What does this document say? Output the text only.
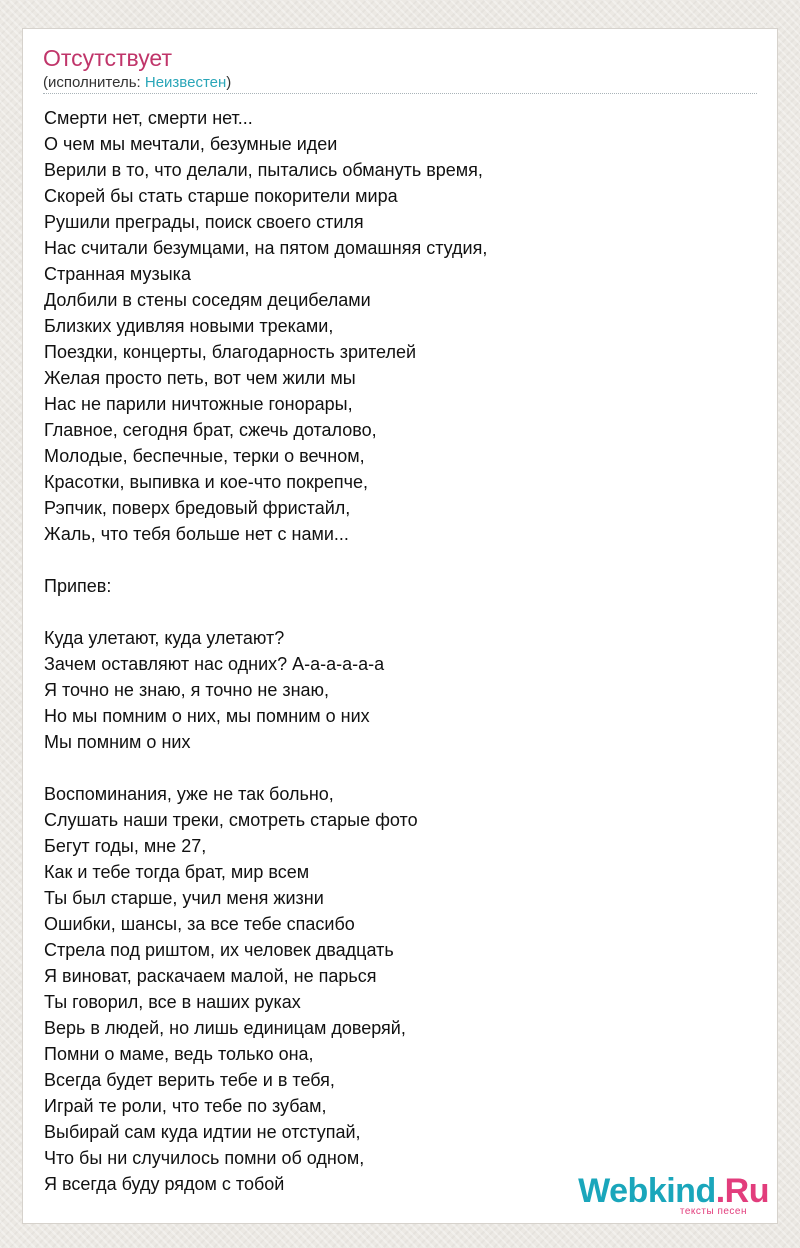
Отсутствует
(исполнитель: Неизвестен)
Смерти нет, смерти нет...
О чем мы мечтали, безумные идеи
Верили в то, что делали, пытались обмануть время,
Скорей бы стать старше покорители мира
Рушили преграды, поиск своего стиля
Нас считали безумцами, на пятом домашняя студия,
Странная музыка
Долбили в стены соседям децибелами
Близких удивляя новыми треками,
Поездки, концерты, благодарность зрителей
Желая просто петь, вот чем жили мы
Нас не парили ничтожные гонорары,
Главное, сегодня брат, сжечь доталово,
Молодые, беспечные, терки о вечном,
Красотки, выпивка и кое-что покрепче,
Рэпчик, поверх бредовый фристайл,
Жаль, что тебя больше нет с нами...
Припев:
Куда улетают, куда улетают?
Зачем оставляют нас одних? А-а-а-а-а-а
Я точно не знаю, я точно не знаю,
Но мы помним о них, мы помним о них
Мы помним о них
Воспоминания, уже не так больно,
Слушать наши треки, смотреть старые фото
Бегут годы, мне 27,
Как и тебе тогда брат, мир всем
Ты был старше, учил меня жизни
Ошибки, шансы, за все тебе спасибо
Стрела под риштом, их человек двадцать
Я виноват, раскачаем малой, не парься
Ты говорил, все в наших руках
Верь в людей, но лишь единицам доверяй,
Помни о маме, ведь только она,
Всегда будет верить тебе и в тебя,
Играй те роли, что тебе по зубам,
Выбирай сам куда идтии не отступай,
Что бы ни случилось помни об одном,
Я всегда буду рядом с тобой	Webkind.Ru
тексты песен
